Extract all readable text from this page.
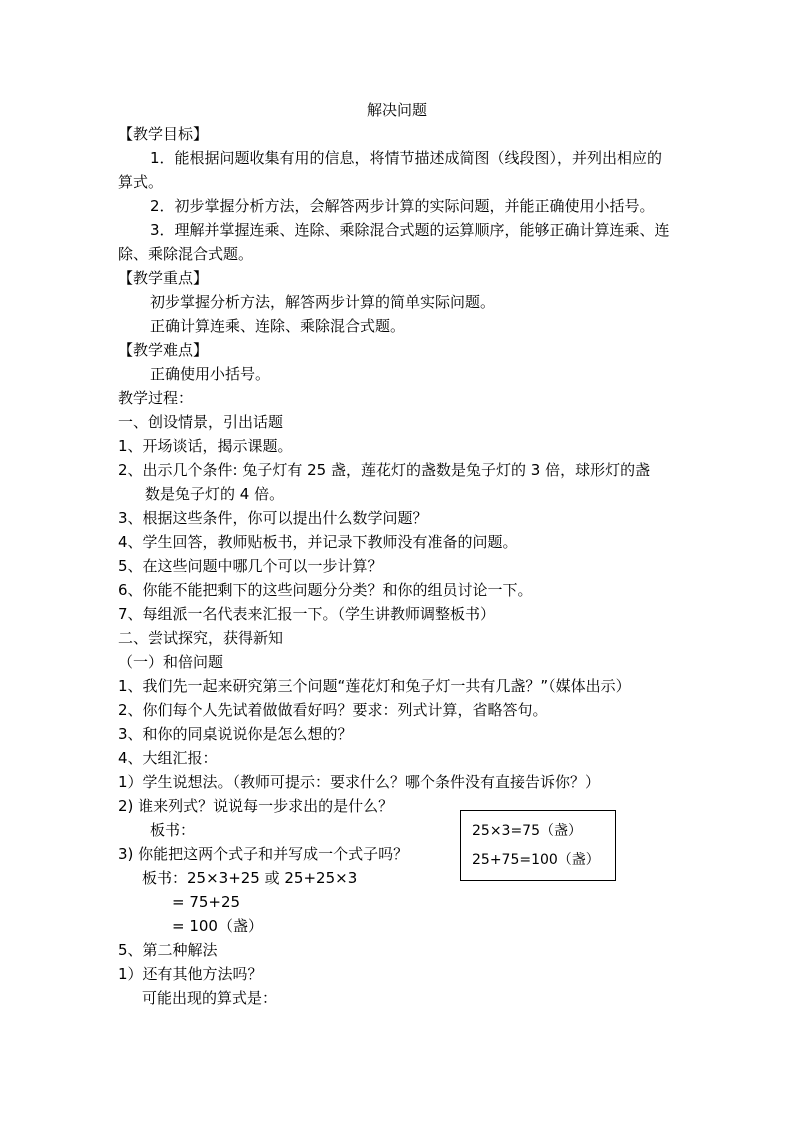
解决问题
【教学目标】
1．能根据问题收集有用的信息，将情节描述成简图（线段图），并列出相应的
算式。
2．初步掌握分析方法，会解答两步计算的实际问题，并能正确使用小括号。
3．理解并掌握连乘、连除、乘除混合式题的运算顺序，能够正确计算连乘、连
除、乘除混合式题。
【教学重点】
初步掌握分析方法，解答两步计算的简单实际问题。
正确计算连乘、连除、乘除混合式题。
【教学难点】
正确使用小括号。
教学过程：
一、创设情景，引出话题
1、开场谈话，揭示课题。
2、出示几个条件: 兔子灯有 25 盏，莲花灯的盏数是兔子灯的 3 倍，球形灯的盏
数是兔子灯的 4 倍。
3、根据这些条件，你可以提出什么数学问题？
4、学生回答，教师贴板书，并记录下教师没有准备的问题。
5、在这些问题中哪几个可以一步计算？
6、你能不能把剩下的这些问题分分类？和你的组员讨论一下。
7、每组派一名代表来汇报一下。（学生讲教师调整板书）
二、尝试探究，获得新知
（一）和倍问题
1、我们先一起来研究第三个问题“莲花灯和兔子灯一共有几盏？”（媒体出示）
2、你们每个人先试着做做看好吗？要求：列式计算，省略答句。
3、和你的同桌说说你是怎么想的？
4、大组汇报：
1）学生说想法。（教师可提示：要求什么？哪个条件没有直接告诉你？）
2) 谁来列式？说说每一步求出的是什么？
板书：
3) 你能把这两个式子和并写成一个式子吗？
板书：25×3+25 或 25+25×3
= 75+25
= 100（盏）
5、第二种解法
1）还有其他方法吗？
可能出现的算式是：
25×3=75（盏）
25+75=100（盏）
